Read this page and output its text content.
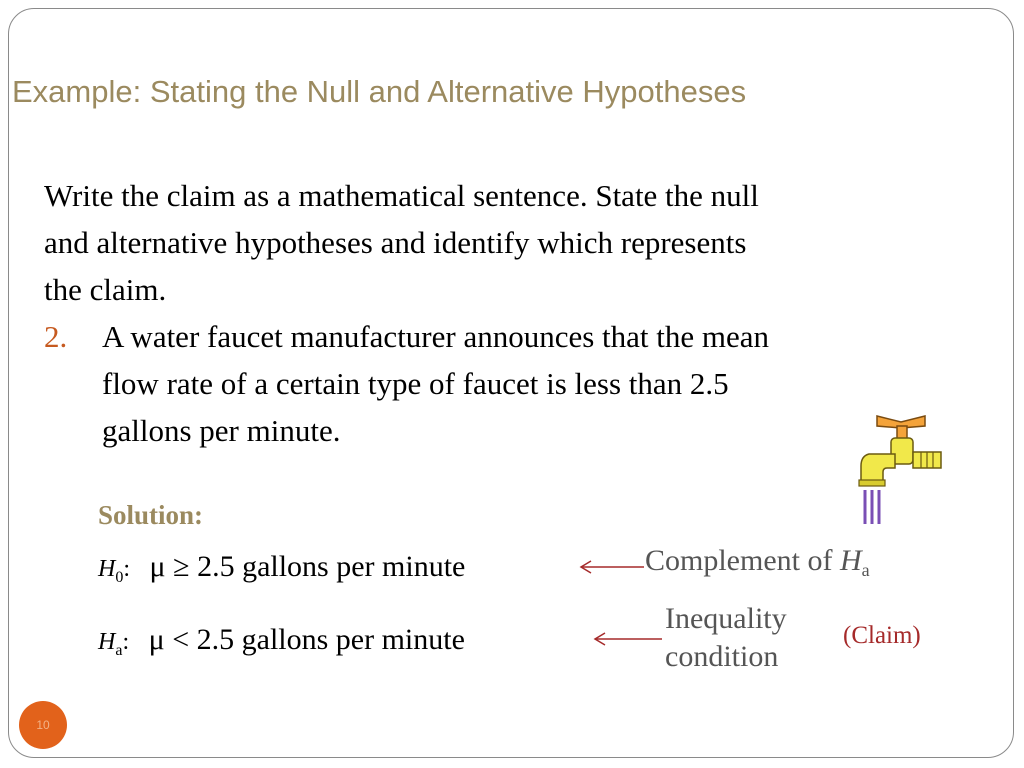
Example: Stating the Null and Alternative Hypotheses

Write the claim as a mathematical sentence. State the null

and alternative hypotheses and identify which represents

the claim.

2.	A water faucet manufacturer announces that the mean

flow rate of a certain type of faucet is less than 2.5

gallons per minute.

Solution:
$H_0$: μ ≥ 2.5 gallons per minute
$H_a$: μ < 2.5 gallons per minute
Complement of $H_a$
Inequality
condition
(Claim)
10
